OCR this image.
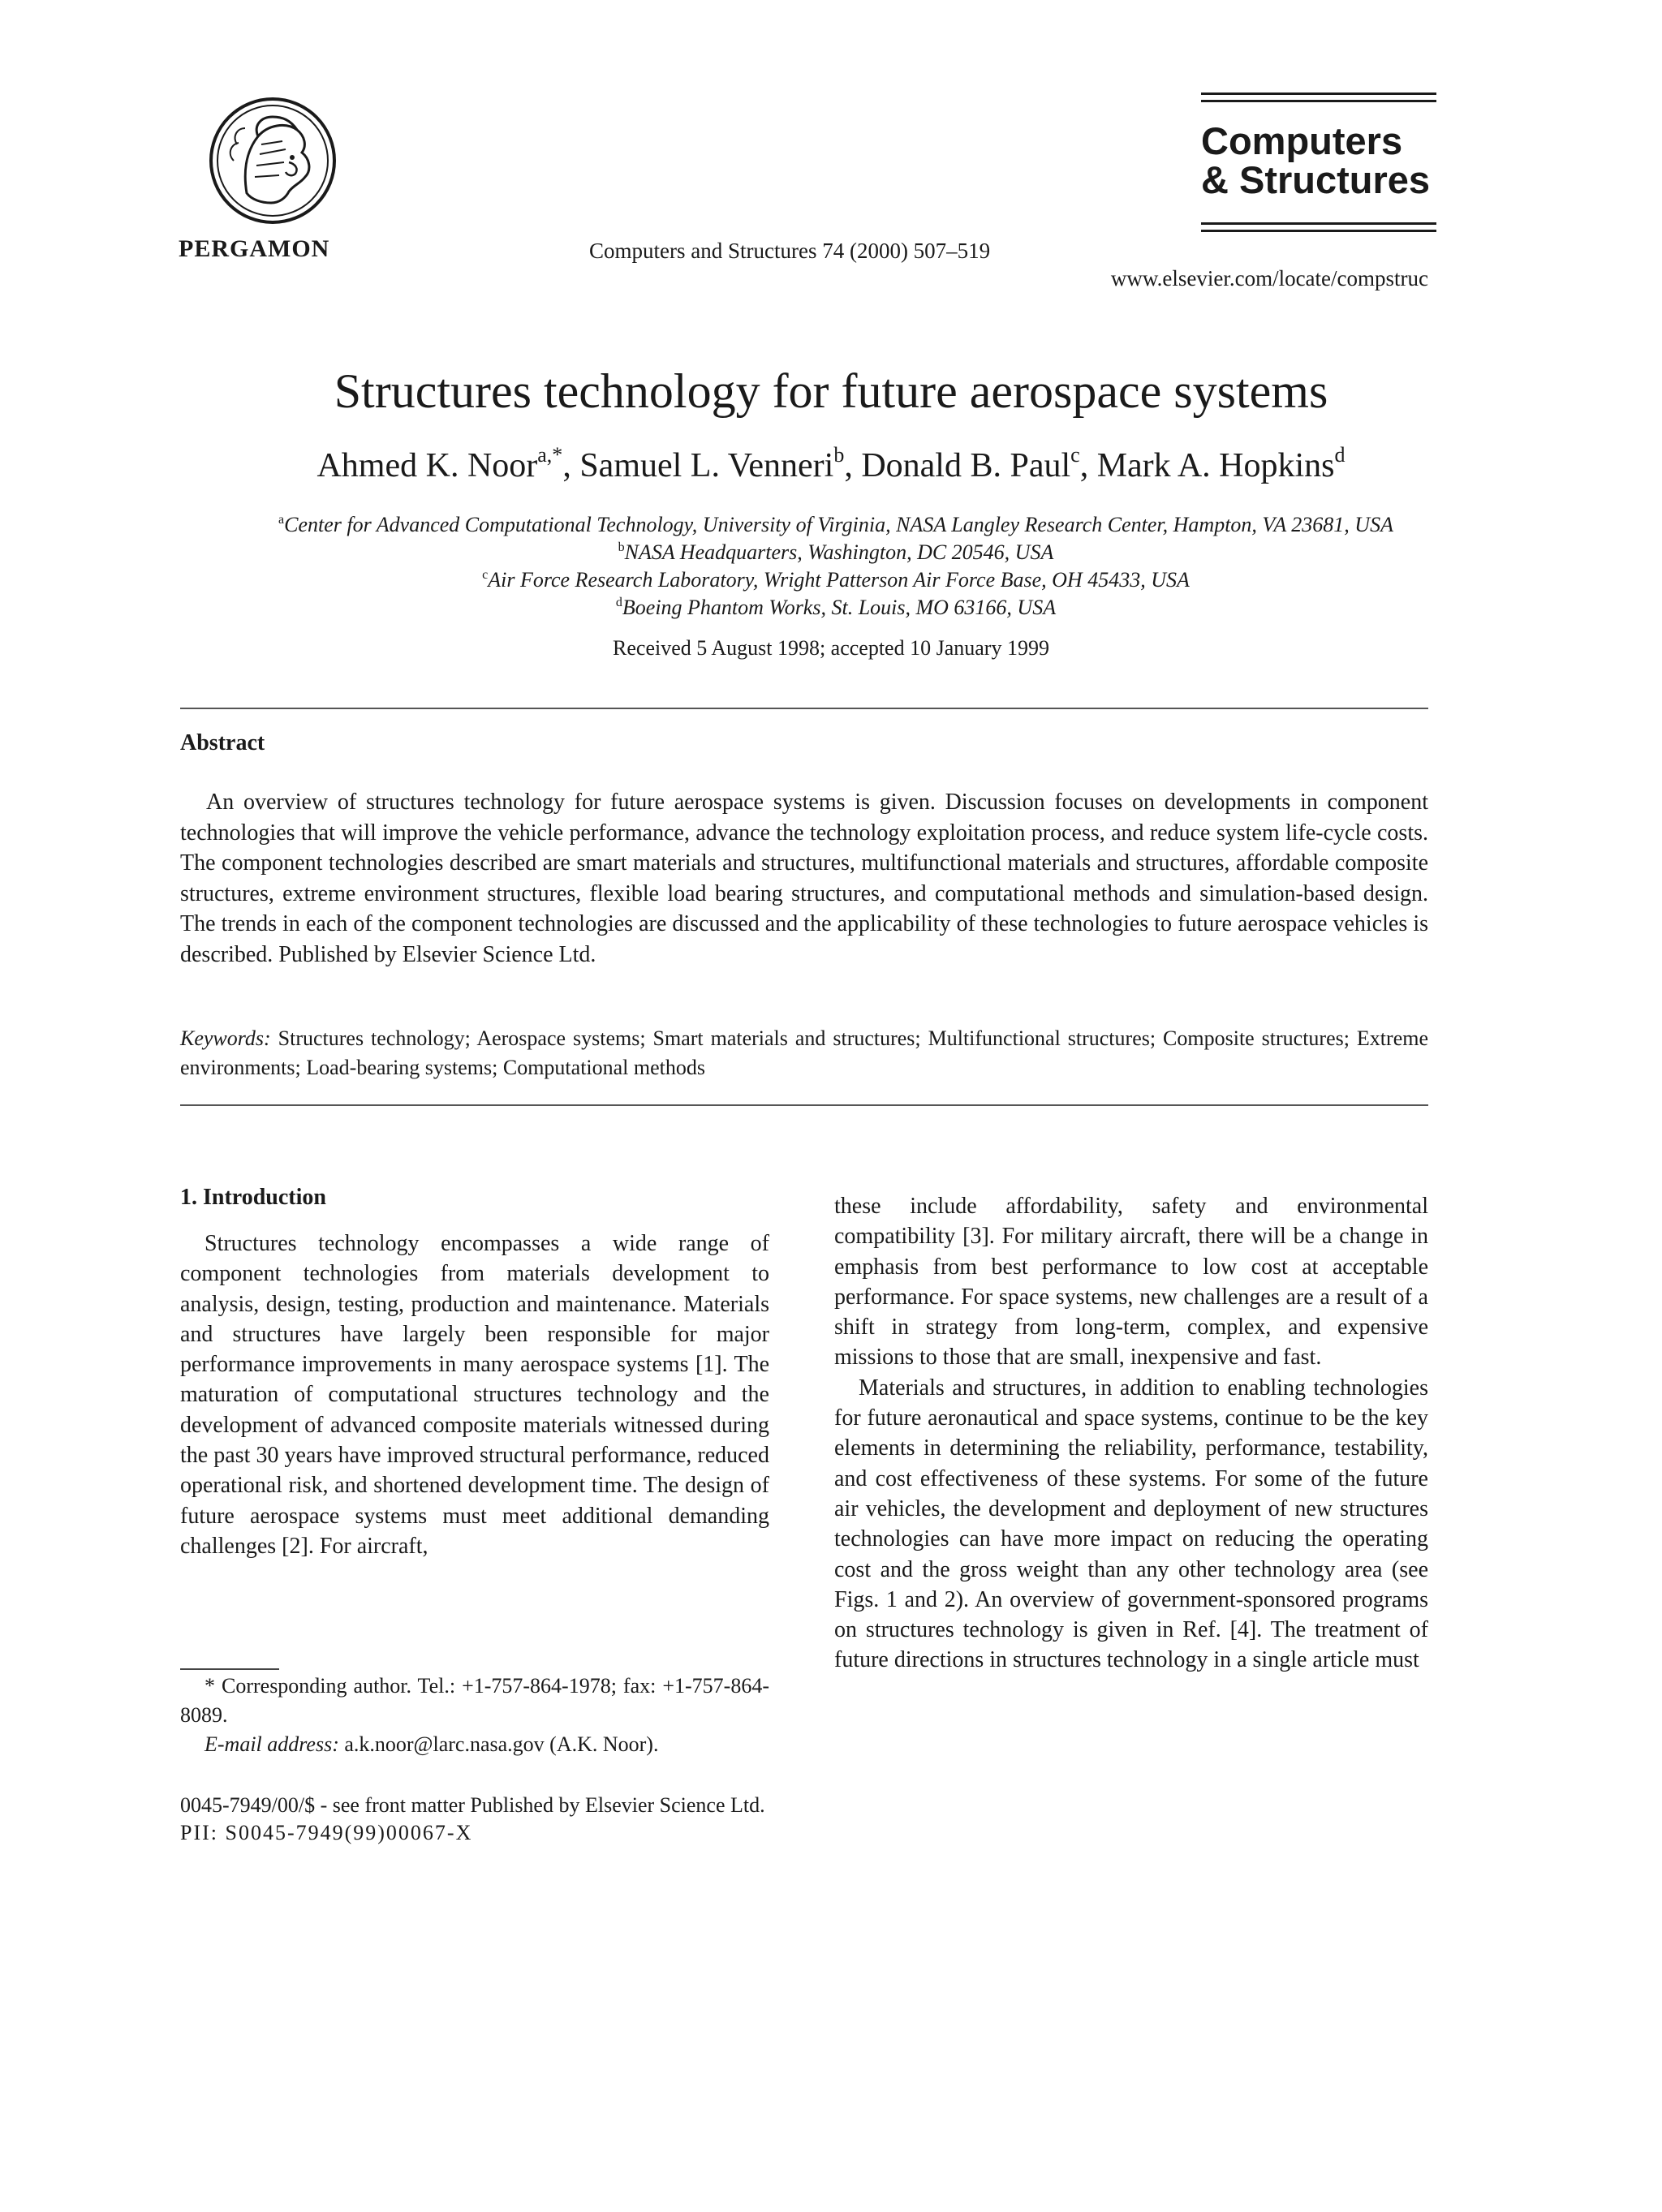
PERGAMON	Computers and Structures 74 (2000) 507–519
Computers
& Structures
www.elsevier.com/locate/compstruc
Structures technology for future aerospace systems
Ahmed K. Noor$^{a,*}$, Samuel L. Venneri$^b$, Donald B. Paul$^c$, Mark A. Hopkins$^d$
$^a$Center for Advanced Computational Technology, University of Virginia, NASA Langley Research Center, Hampton, VA 23681, USA
$^b$NASA Headquarters, Washington, DC 20546, USA
$^c$Air Force Research Laboratory, Wright Patterson Air Force Base, OH 45433, USA
$^d$Boeing Phantom Works, St. Louis, MO 63166, USA
Received 5 August 1998; accepted 10 January 1999
Abstract

An overview of structures technology for future aerospace systems is given. Discussion focuses on developments in component technologies that will improve the vehicle performance, advance the technology exploitation process, and reduce system life-cycle costs. The component technologies described are smart materials and structures, multifunctional materials and structures, affordable composite structures, extreme environment structures, flexible load bearing structures, and computational methods and simulation-based design. The trends in each of the component technologies are discussed and the applicability of these technologies to future aerospace vehicles is described. Published by Elsevier Science Ltd.

Keywords: Structures technology; Aerospace systems; Smart materials and structures; Multifunctional structures; Composite structures; Extreme environments; Load-bearing systems; Computational methods
1. Introduction

Structures technology encompasses a wide range of component technologies from materials development to analysis, design, testing, production and maintenance. Materials and structures have largely been responsible for major performance improvements in many aerospace systems [1]. The maturation of computational structures technology and the development of advanced composite materials witnessed during the past 30 years have improved structural performance, reduced operational risk, and shortened development time. The design of future aerospace systems must meet additional demanding challenges [2]. For aircraft,

these include affordability, safety and environmental compatibility [3]. For military aircraft, there will be a change in emphasis from best performance to low cost at acceptable performance. For space systems, new challenges are a result of a shift in strategy from long-term, complex, and expensive missions to those that are small, inexpensive and fast.

Materials and structures, in addition to enabling technologies for future aeronautical and space systems, continue to be the key elements in determining the reliability, performance, testability, and cost effectiveness of these systems. For some of the future air vehicles, the development and deployment of new structures technologies can have more impact on reducing the operating cost and the gross weight than any other technology area (see Figs. 1 and 2). An overview of government-sponsored programs on structures technology is given in Ref. [4]. The treatment of future directions in structures technology in a single article must

* Corresponding author. Tel.: +1-757-864-1978; fax: +1-757-864-8089.

E-mail address: a.k.noor@larc.nasa.gov (A.K. Noor).

0045-7949/00/$ - see front matter Published by Elsevier Science Ltd.
PII: S0045-7949(99)00067-X
